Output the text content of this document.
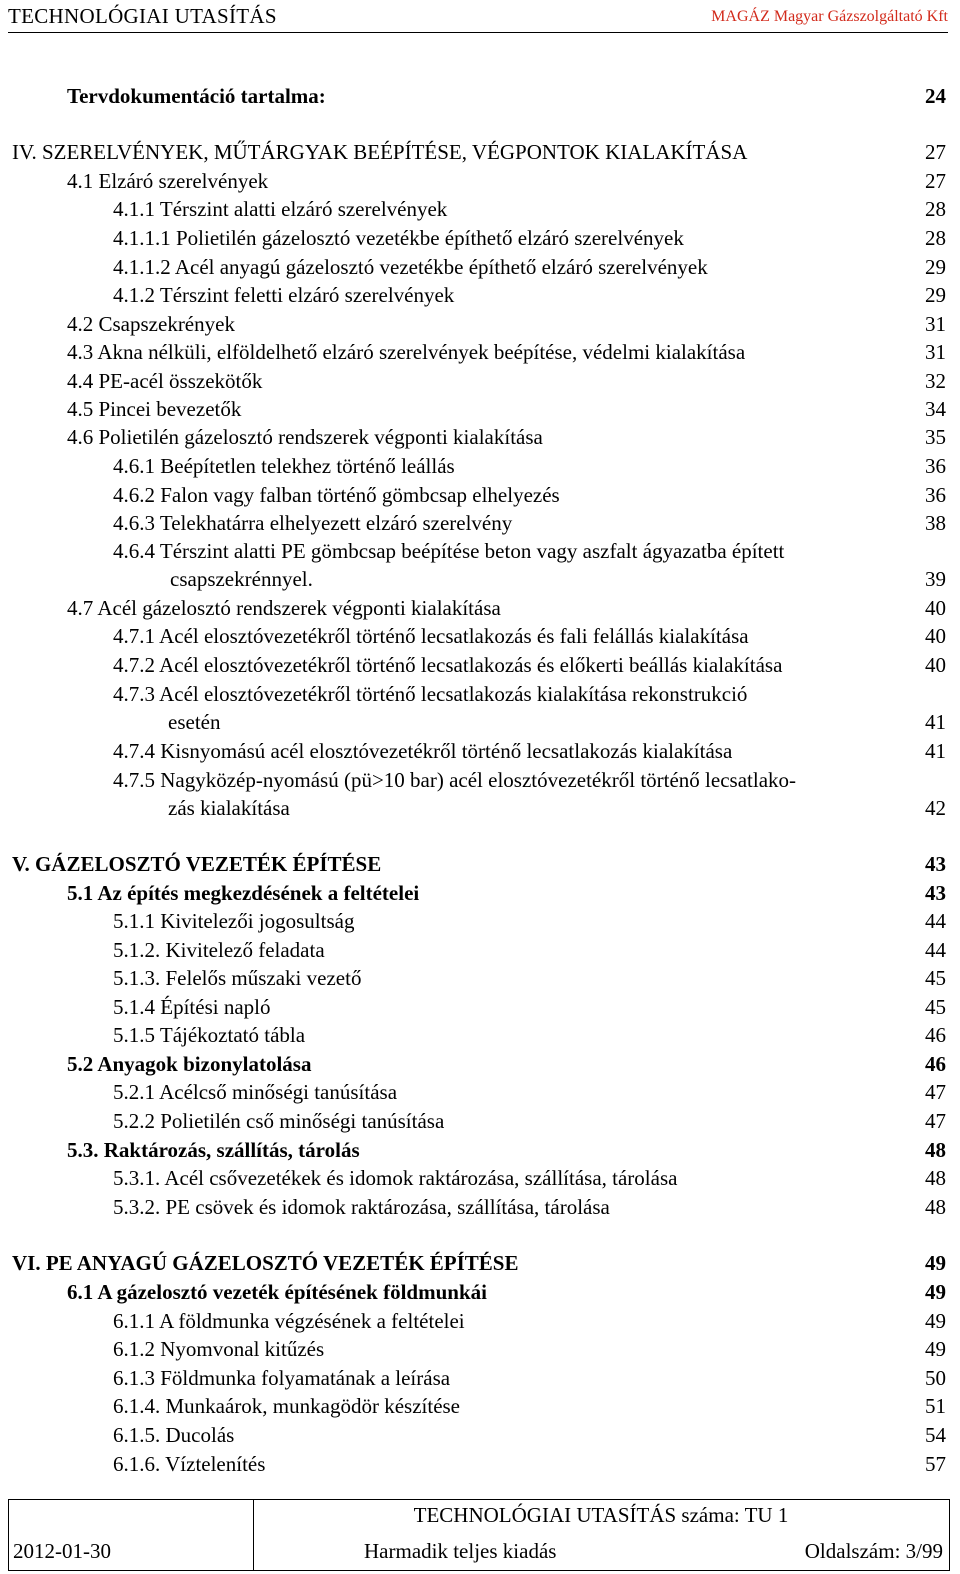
TECHNOLÓGIAI UTASÍTÁS	MAGÁZ Magyar Gázszolgáltató Kft
Tervdokumentáció tartalma:	24
IV. SZERELVÉNYEK, MŰTÁRGYAK BEÉPÍTÉSE, VÉGPONTOK KIALAKÍTÁSA	27
4.1 Elzáró szerelvények	27
4.1.1 Térszint alatti elzáró szerelvények	28
4.1.1.1 Polietilén gázelosztó vezetékbe építhető elzáró szerelvények	28
4.1.1.2 Acél anyagú gázelosztó vezetékbe építhető elzáró szerelvények	29
4.1.2 Térszint feletti elzáró szerelvények	29
4.2 Csapszekrények	31
4.3 Akna nélküli, elföldelhető elzáró szerelvények beépítése, védelmi kialakítása	31
4.4 PE-acél összekötők	32
4.5 Pincei bevezetők	34
4.6 Polietilén gázelosztó rendszerek végponti kialakítása	35
4.6.1 Beépítetlen telekhez történő leállás	36
4.6.2 Falon vagy falban történő gömbcsap elhelyezés	36
4.6.3 Telekhatárra elhelyezett elzáró szerelvény	38
4.6.4 Térszint alatti PE gömbcsap beépítése beton vagy aszfalt ágyazatba épített
csapszekrénnyel.	39
4.7 Acél gázelosztó rendszerek végponti kialakítása	40
4.7.1 Acél elosztóvezetékről történő lecsatlakozás és fali felállás kialakítása	40
4.7.2 Acél elosztóvezetékről történő lecsatlakozás és előkerti beállás kialakítása	40
4.7.3 Acél elosztóvezetékről történő lecsatlakozás kialakítása rekonstrukció
esetén	41
4.7.4 Kisnyomású acél elosztóvezetékről történő lecsatlakozás kialakítása	41
4.7.5 Nagyközép-nyomású (pü>10 bar) acél elosztóvezetékről történő lecsatlako-
zás kialakítása	42
V. GÁZELOSZTÓ VEZETÉK ÉPÍTÉSE	43
5.1 Az építés megkezdésének a feltételei	43
5.1.1 Kivitelezői jogosultság	44
5.1.2. Kivitelező feladata	44
5.1.3. Felelős műszaki vezető	45
5.1.4 Építési napló	45
5.1.5 Tájékoztató tábla	46
5.2 Anyagok bizonylatolása	46
5.2.1 Acélcső minőségi tanúsítása	47
5.2.2 Polietilén cső minőségi tanúsítása	47
5.3. Raktározás, szállítás, tárolás	48
5.3.1. Acél csővezetékek és idomok raktározása, szállítása, tárolása	48
5.3.2. PE csövek és idomok raktározása, szállítása, tárolása	48
VI. PE ANYAGÚ GÁZELOSZTÓ VEZETÉK ÉPÍTÉSE	49
6.1 A gázelosztó vezeték építésének földmunkái	49
6.1.1 A földmunka végzésének a feltételei	49
6.1.2 Nyomvonal kitűzés	49
6.1.3 Földmunka folyamatának a leírása	50
6.1.4. Munkaárok, munkagödör készítése	51
6.1.5. Ducolás	54
6.1.6. Víztelenítés	57
TECHNOLÓGIAI UTASÍTÁS száma: TU 1
2012-01-30	Harmadik teljes kiadás	Oldalszám: 3/99
